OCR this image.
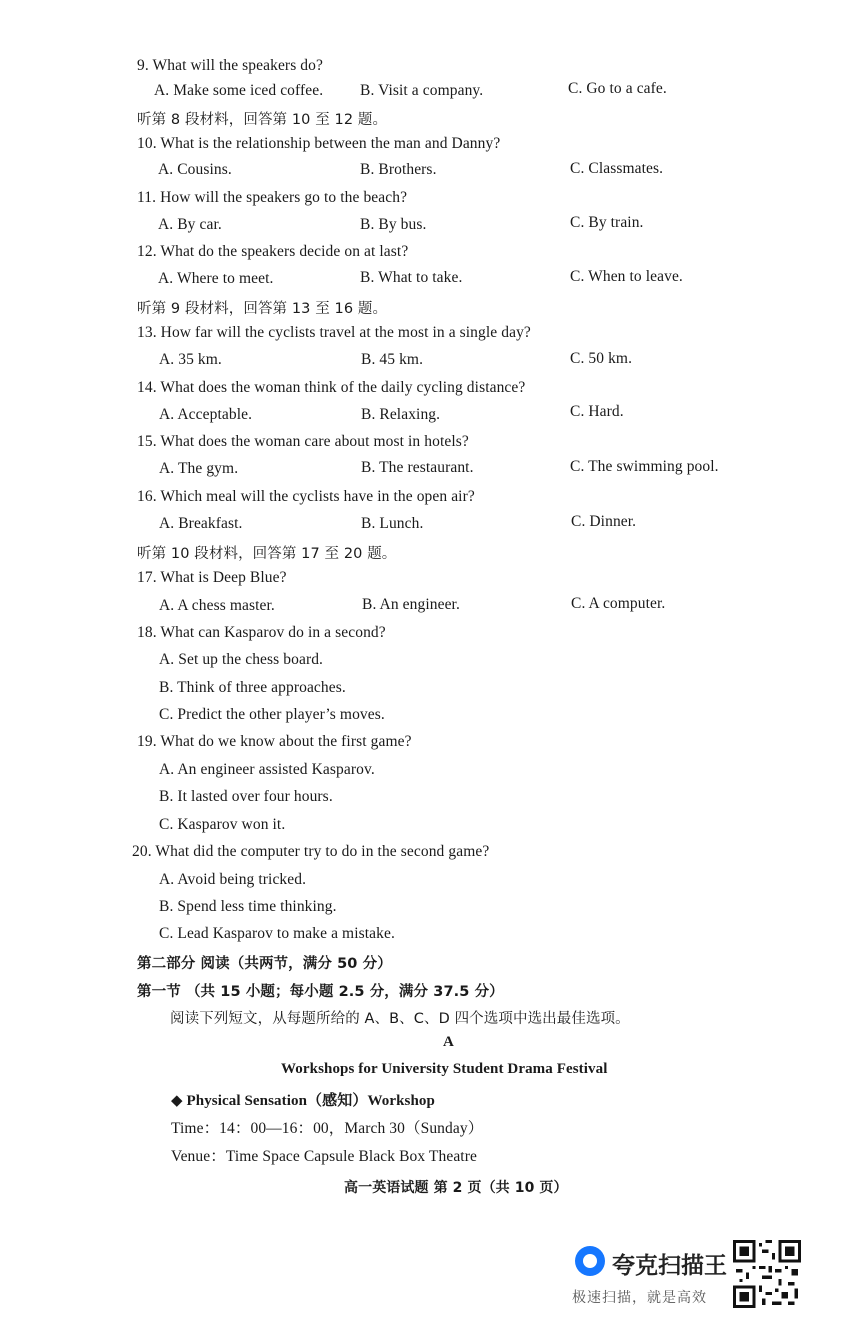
9. What will the speakers do?
A. Make some iced coffee. B. Visit a company.	C. Go to a cafe.
听第 8 段材料，回答第 10 至 12 题。
10. What is the relationship between the man and Danny?
A. Cousins.	B. Brothers.	C. Classmates.
11. How will the speakers go to the beach?
A. By car.	B. By bus.	C. By train.
12. What do the speakers decide on at last?
A. Where to meet.	B. What to take.	C. When to leave.
听第 9 段材料，回答第 13 至 16 题。
13. How far will the cyclists travel at the most in a single day?
A. 35 km.	B. 45 km.	C. 50 km.
14. What does the woman think of the daily cycling distance?
A. Acceptable.	B. Relaxing.	C. Hard.
15. What does the woman care about most in hotels?
A. The gym.	B. The restaurant.	C. The swimming pool.
16. Which meal will the cyclists have in the open air?
A. Breakfast.	B. Lunch.	C. Dinner.
听第 10 段材料，回答第 17 至 20 题。
17. What is Deep Blue?
A. A chess master.	B. An engineer.	C. A computer.
18. What can Kasparov do in a second?
A. Set up the chess board.
B. Think of three approaches.
C. Predict the other player’s moves.
19. What do we know about the first game?
A. An engineer assisted Kasparov.
B. It lasted over four hours.
C. Kasparov won it.
20. What did the computer try to do in the second game?
A. Avoid being tricked.
B. Spend less time thinking.
C. Lead Kasparov to make a mistake.
第二部分 阅读（共两节，满分 50 分）
第一节 （共 15 小题；每小题 2.5 分，满分 37.5 分）
阅读下列短文，从每题所给的 A、B、C、D 四个选项中选出最佳选项。
A
Workshops for University Student Drama Festival
◆ Physical Sensation（感知）Workshop
Time：14：00—16：00，March 30（Sunday）
Venue：Time Space Capsule Black Box Theatre
高一英语试题 第 2 页（共 10 页）
夸克扫描王
极速扫描，就是高效
